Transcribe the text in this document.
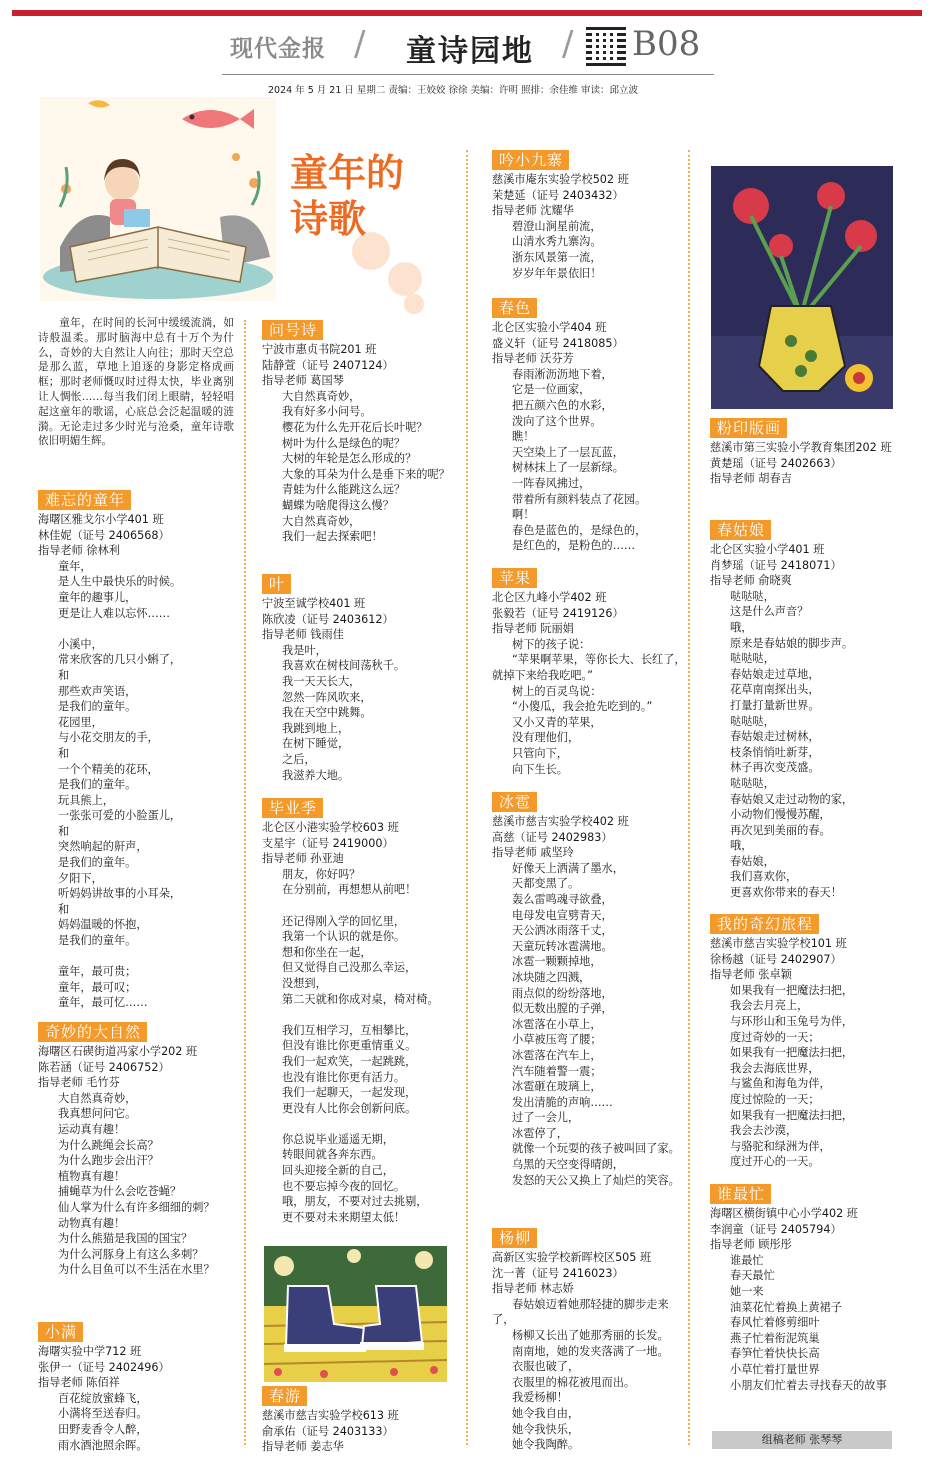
现代金报 / 童诗园地 / B08
2024 年 5 月 21 日 星期二 责编：王姣姣 徐徐 美编：许明 照排：余佳维 审读：邱立波
童年的
诗歌

童年，在时间的长河中缓缓流淌，如诗般温柔。那时脑海中总有十万个为什么，奇妙的大自然让人向往；那时天空总是那么蓝，草地上追逐的身影定格成画框；那时老师慨叹时过得太快，毕业离别让人惆怅……每当我们闭上眼睛，轻轻唱起这童年的歌谣，心底总会泛起温暖的涟漪。无论走过多少时光与沧桑，童年诗歌依旧明媚生辉。

难忘的童年

海曙区雅戈尔小学401 班

林佳妮（证号 2406568）

指导老师 徐林利

童年，

是人生中最快乐的时候。

童年的趣事儿，

更是让人难以忘怀……

小溪中，

常来欣客的几只小蝌了，

和

那些欢声笑语，

是我们的童年。

花园里，

与小花交朋友的手，

和

一个个精美的花环，

是我们的童年。

玩具熊上，

一张张可爱的小脸蛋儿，

和

突然响起的鼾声，

是我们的童年。

夕阳下，

听妈妈讲故事的小耳朵，

和

妈妈温暖的怀抱，

是我们的童年。

童年，最可贵；

童年，最可叹；

童年，最可忆……

奇妙的大自然

海曙区石碶街道冯家小学202 班

陈若涵（证号 2406752）

指导老师 毛竹芬

大自然真奇妙，

我真想问问它。

运动真有趣！

为什么跳绳会长高？

为什么跑步会出汗？

植物真有趣！

捕蝇草为什么会吃苍蝇？

仙人掌为什么有许多细细的刺？

动物真有趣！

为什么熊猫是我国的国宝？

为什么河豚身上有这么多刺？

为什么目鱼可以不生活在水里？

小满

海曙实验中学712 班

张伊一（证号 2402496）

指导老师 陈佰祥

百花绽放蜜蜂飞，

小满将至送春归。

田野麦香令人醉，

雨水酒池照余晖。

问号诗

宁波市惠贞书院201 班

陆静萱（证号 2407124）

指导老师 葛国琴

大自然真奇妙，

我有好多小问号。

樱花为什么先开花后长叶呢？

树叶为什么是绿色的呢？

大树的年轮是怎么形成的？

大象的耳朵为什么是垂下来的呢？

青蛙为什么能跳这么远？

蝴蝶为啥爬得这么慢？

大自然真奇妙，

我们一起去探索吧！

叶

宁波至诚学校401 班

陈欣凌（证号 2403612）

指导老师 钱雨佳

我是叶，

我喜欢在树枝间荡秋千。

我一天天长大，

忽然一阵风吹来，

我在天空中跳舞。

我跳到地上，

在树下睡觉，

之后，

我滋养大地。

毕业季

北仑区小港实验学校603 班

支星宇（证号 2419000）

指导老师 孙亚迪

朋友，你好吗？

在分别前，再想想从前吧！

还记得刚入学的回忆里，

我第一个认识的就是你。

想和你坐在一起，

但又觉得自己没那么幸运，

没想到，

第二天就和你成对桌，椅对椅。

我们互相学习，互相攀比，

但没有谁比你更重情重义。

我们一起欢笑，一起跳跳，

也没有谁比你更有活力。

我们一起聊天，一起发现，

更没有人比你会创新问底。

你总说毕业遥遥无期，

转眼间就各奔东西。

回头迎接全新的自己，

也不要忘掉今夜的回忆。

哦，朋友，不要对过去挑剔，

更不要对未来期望太低！

春游

慈溪市慈吉实验学校613 班

俞承佑（证号 2403133）

指导老师 姜志华

吟小九寨

慈溪市庵东实验学校502 班

茉楚延（证号 2403432）

指导老师 沈耀华

碧澄山涧星前流，

山清水秀九寨沟。

浙东风景第一流，

岁岁年年景依旧！

春色

北仑区实验小学404 班

盛义轩（证号 2418085）

指导老师 沃芬芳

春雨淅沥沥地下着，

它是一位画家，

把五颜六色的水彩，

泼向了这个世界。

瞧！

天空染上了一层瓦蓝，

树林抹上了一层新绿。

一阵春风拂过，

带着所有颜料装点了花园。

啊！

春色是蓝色的，是绿色的，

是红色的，是粉色的……

苹果

北仑区九峰小学402 班

张毅若（证号 2419126）

指导老师 阮丽娟

树下的孩子说：

“苹果啊苹果，等你长大、长红了，就掉下来给我吃吧。”

树上的百灵鸟说：

“小傻瓜，我会抢先吃到的。”

又小又青的苹果，

没有理他们，

只管向下，

向下生长。

冰雹

慈溪市慈吉实验学校402 班

高慈（证号 2402983）

指导老师 戚坚玲

好像天上洒满了墨水，

天都变黑了。

轰么雷鸣魂寻欲叠，

电母发电宣劈青天，

天公洒冰雨落千丈，

天童玩转冰雹满地。

冰雹一颗颗掉地，

冰块随之四溅，

雨点似的纷纷落地，

似无数出膛的子弹，

冰雹落在小草上，

小草被压弯了腰；

冰雹落在汽车上，

汽车随着警一震；

冰雹砸在玻璃上，

发出清脆的声响……

过了一会儿，

冰雹停了，

就像一个玩耍的孩子被叫回了家。

乌黑的天空变得晴朗，

发怒的天公又换上了灿烂的笑容。

杨柳

高新区实验学校新晖校区505 班

沈一菁（证号 2416023）

指导老师 林志娇

春姑娘迈着她那轻捷的脚步走来了，

杨柳又长出了她那秀丽的长发。

南南地，她的发夹落满了一地。

衣服也破了，

衣服里的棉花被甩而出。

我爱杨柳！

她令我自由，

她令我快乐，

她令我陶醉。

粉印版画

慈溪市第三实验小学教育集团202 班

黄楚瑶（证号 2402663）

指导老师 胡春吉

春姑娘

北仑区实验小学401 班

肖梦瑶（证号 2418071）

指导老师 俞晓爽

哒哒哒，

这是什么声音？

哦，

原来是春姑娘的脚步声。

哒哒哒，

春姑娘走过草地，

花草南南探出头，

打量打量新世界。

哒哒哒，

春姑娘走过树林，

枝条悄悄吐新芽，

林子再次变茂盛。

哒哒哒，

春姑娘又走过动物的家，

小动物们慢慢苏醒，

再次见到美丽的春。

哦，

春姑娘，

我们喜欢你，

更喜欢你带来的春天！

我的奇幻旅程

慈溪市慈吉实验学校101 班

徐杨越（证号 2402907）

指导老师 张卓颖

如果我有一把魔法扫把，

我会去月亮上，

与环形山和玉兔号为伴，

度过奇妙的一天；

如果我有一把魔法扫把，

我会去海底世界，

与鲨鱼和海龟为伴，

度过惊险的一天；

如果我有一把魔法扫把，

我会去沙漠，

与骆驼和绿洲为伴，

度过开心的一天。

谁最忙

海曙区横街镇中心小学402 班

李润童（证号 2405794）

指导老师 顾彤彤

谁最忙

春天最忙

她一来

油菜花忙着换上黄裙子

春风忙着修剪细叶

燕子忙着衔泥筑巢

春笋忙着快快长高

小草忙着打量世界

小朋友们忙着去寻找春天的故事

组稿老师 张琴琴
